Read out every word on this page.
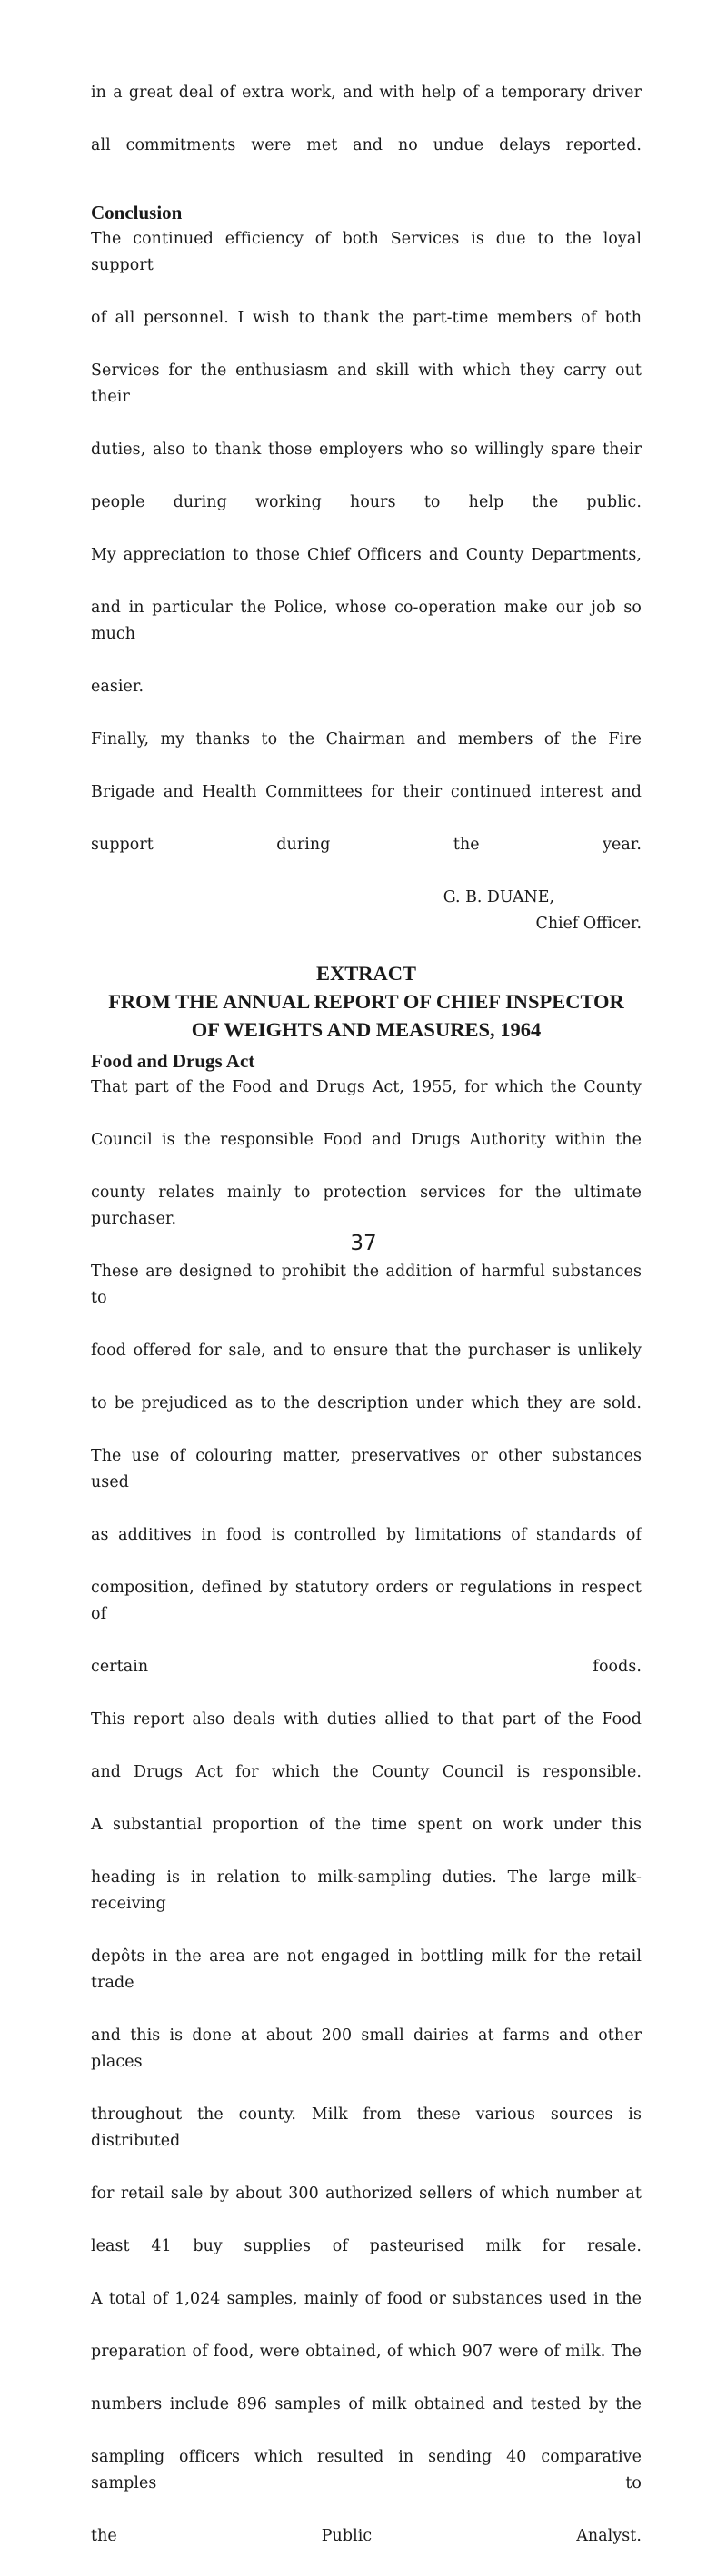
in a great deal of extra work, and with help of a temporary driver
all commitments were met and no undue delays reported.
Conclusion
The continued efficiency of both Services is due to the loyal support
of all personnel. I wish to thank the part-time members of both
Services for the enthusiasm and skill with which they carry out their
duties, also to thank those employers who so willingly spare their
people during working hours to help the public.
My appreciation to those Chief Officers and County Departments,
and in particular the Police, whose co-operation make our job so much
easier.
Finally, my thanks to the Chairman and members of the Fire
Brigade and Health Committees for their continued interest and
support during the year.
G. B. DUANE,
Chief Officer.
EXTRACT
FROM THE ANNUAL REPORT OF CHIEF INSPECTOR
OF WEIGHTS AND MEASURES, 1964
Food and Drugs Act
That part of the Food and Drugs Act, 1955, for which the County
Council is the responsible Food and Drugs Authority within the
county relates mainly to protection services for the ultimate purchaser.
These are designed to prohibit the addition of harmful substances to
food offered for sale, and to ensure that the purchaser is unlikely
to be prejudiced as to the description under which they are sold.
The use of colouring matter, preservatives or other substances used
as additives in food is controlled by limitations of standards of
composition, defined by statutory orders or regulations in respect of
certain foods.
This report also deals with duties allied to that part of the Food
and Drugs Act for which the County Council is responsible.
A substantial proportion of the time spent on work under this
heading is in relation to milk-sampling duties. The large milk-receiving
depôts in the area are not engaged in bottling milk for the retail trade
and this is done at about 200 small dairies at farms and other places
throughout the county. Milk from these various sources is distributed
for retail sale by about 300 authorized sellers of which number at
least 41 buy supplies of pasteurised milk for resale.
A total of 1,024 samples, mainly of food or substances used in the
preparation of food, were obtained, of which 907 were of milk. The
numbers include 896 samples of milk obtained and tested by the
sampling officers which resulted in sending 40 comparative samples to
the Public Analyst.
37
